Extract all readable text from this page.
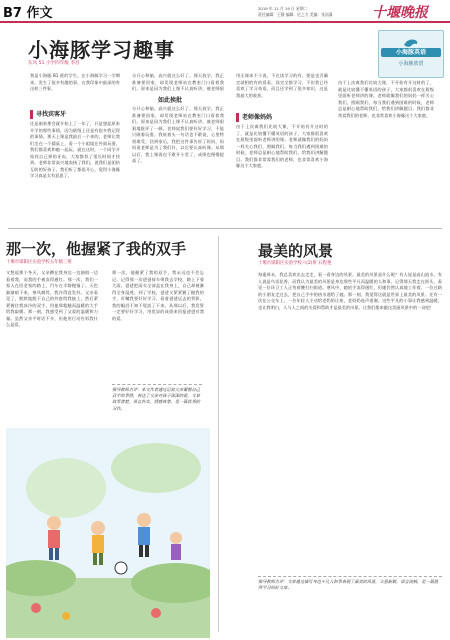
B7 作文	2019 年 11 月 19 日 星期二
责任编辑：王静 编辑：尼之力 美编：张沥潇	十堰晚报
小海豚学习趣事
东风 51 小学四年级 李昌
小海豚英语
小海豚欣赏
我是小海豚 B1 班的学生。在小海豚学习一学期来，发生了很多有趣的事，在我印象中最深的有这样三件事。
寻找宾客牙
还是刚来那会就开始上了一年了，只是想起原来开学的那些事情，因为班级上还是有很多我记得的事情。那天上课是我最后一个来的，老师让我们坐在一个圆桌上，看一个小姐姐在外面玩耍，我们都喜欢和她一起玩。就在这时，一个同学开始找自己掉的牙齿，大家都找了很长时间才找到。老师非常高兴地表扬了我们，说我们是团结互助的好孩子。我们听了都很开心，觉得小海豚学习真是太有意思了。
分开心和愉，高兴就这么好了。那天放学，我正准备要回家，却发现老师站在教室门口看着我们。原来是因为我们上课不认真听讲，被老师狠
如此挨批
分开心和愉，高兴就这么好了。那天放学，我正准备要回家，却发现老师站在教室门口看着我们。原来是因为我们上课不认真听讲，被老师狠狠地批评了一顿。老师说我们要好好学习，不能只顾着玩耍。我低着头一句话也不敢说，心里特别难受。回到家后，我把这件事告诉了妈妈，妈妈说老师是为了我们好，以后要认真听课。从那以后，我上课再也不敢开小差了，成绩也慢慢提高了。
用无课本不小说，不在读学习的有，要是也否确定就相的有的爱看。读完全都学习，不但我已经喜欢了学习英语，而且还学到了很多知识，这是我最大的收获。
老师像妈妈
由于上次离我们比较大课，不开始有开这时的了，就是比较懂不懂英语的孩子，大家都很喜欢在班级里面听老师讲的课。老师就像我们的妈妈一样关心我们，照顾我们，每当我们遇到困难的时候，老师总是耐心地帮助我们，给我们讲解题目。我们都非常爱我们的老师，也非常喜欢小海豚这个大家庭。
由于上次离我们比较大课，不开始有开这时的了，就是比较懂不懂英语的孩子，大家都很喜欢在班级里面听老师讲的课。老师就像我们的妈妈一样关心我们，照顾我们，每当我们遇到困难的时候，老师总是耐心地帮助我们，给我们讲解题目。我们都非常爱我们的老师，也非常喜欢小海豚这个大家庭。
那一次，他握紧了我的双手
十堰市郧阳区实验学校五年级三班
又想起那个冬天，父亲蹲在我身边一边抽烟一边看着我，而我的手被冻得通红。那一次，我们一家人在回老家的路上，汽车在半路抛锚了。天色渐渐暗下来，寒风刺骨，我冷得直发抖。父亲看见了，默默地脱下自己的外套给我披上，然后紧紧握住我冰冷的双手，用他那粗糙而温暖的大手给我取暖。那一刻，我感受到了父爱的温暖和力量。虽然父亲平时话不多，但他用行动告诉我什么是爱。
那一次，他握紧了我的双手，我永远也不会忘记。记得那一次爸爸骑车带我去学校，路上下着大雨，爸爸把雨衣全部盖在我身上，自己却被淋得全身湿透。到了学校，爸爸又紧紧握了握我的手，叮嘱我要好好学习。看着爸爸远去的背影，我的眼泪不知不觉流了下来。从那以后，我发誓一定要好好学习，用优异的成绩来回报爸爸对我的爱。
指导教师点评：本文作者通过记叙父亲紧握自己双手的事情，表达了父亲对孩子深深的爱，文章叙事清楚，语言朴实，情感真挚，是一篇优秀的习作。
最美的风景
十堰市郧阳区实验学校六(2)班 石程艳
每逢周末，我总喜欢出去走走，看一看身边的风景。最美的风景是什么呢？有人说是高山流水，有人说是鸟语花香，而我认为最美的风景是身边那些平凡而温暖的人和事。记得那天我走在街头，看见一位环卫工人正弯着腰打扫街道。寒风中，她的手冻得通红，但她仍然认真地工作着。一位过路的小朋友走过去，把自己手中的热水递给了她。那一刻，我觉得这就是世界上最美的风景。还有一次在公交车上，一位年轻人主动给老奶奶让座，老奶奶连声道谢。这些平凡的小事让我感到温暖，也让我明白，人与人之间的关爱和帮助才是最美的风景。让我们都来做这美丽风景中的一员吧！
指导教师点评：文章通过描写身边平凡人和事表现了最美的风景，立意新颖，语言流畅，是一篇值得学习的好文章。
